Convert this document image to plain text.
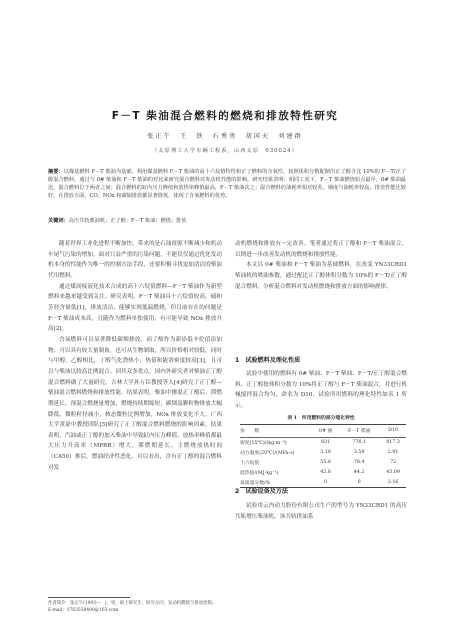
F－T 柴油混合燃料的燃烧和排放特性研究
张正午　王　铁　石秀勇　胡国天　刘建群
（太原理工大学车辆工程系，山西太原　030024）
摘要：以煤基燃料 F－T 柴油为基础，利用煤基燃料 F－T 柴油的高十六烷值特性和正了燃料的含氧性，按照体积分数配制出正了醇含比 10%的 F－T/正了醇混合燃料，通过与 0# 柴油和 F－T 柴油的对比来研究混合燃料对发动机性能的影响。研究结果表明：相同工况下，F－T 柴油燃烧始点最早，0# 柴油最迟，混合燃料位于两者之间；混合燃料的缸内压力峰值和放热率峰值最高，F－T 柴油次之；混合燃料的油耗率相对较差，烟度与油耗率较高，排放性能比较好。在排放方面，CO、NOx 和碳烟排放都显著降低，体现了含氧燃料的优势。
关键词：高压共轨柴油机；正了醇；F－T 柴油；燃烧；排放

随着世界工业化进程不断加快，带来的是石油资源不断减少和机动车尾气污染的增加。面对日益严重的污染问题，不能仅仅通过优化发动机本身的性能作为唯一的控制方法手段，还要积极寻找更加清洁的柴油代用燃料。

通过煤间接液化技术合成的高十六烷值燃料—F－T 柴油作为新型燃料来越来越受到关注。研究表明，F－T 柴油具十六烷值较高，硫和芳烃含量低[1]，排放清洁，能够实现低温燃烧，但目前存在的问题是 F－T 柴油成本高，且随作为燃料单独使用，有可能导致 NOx 排放升高[2]。

含氧燃料可以显著降低碳烟排放，而了醇作为新添低辛烷值添加物，可以具有较大量制备，也可从生物制取，所以价格相对较低。同时与甲醇、乙醇相比，丁醇气化潜热小，热值和能溶密度较高[3]，且可以与柴油以较高比例混合。因其众多优点，国内外研究者对柴油正丁醇混合燃料做了大量研究。吉林大学孙万臣教授等人[4]研究了正丁醇—柴油混合燃料燃烧和排放性能，结果表明，柴油中掺混正丁醇后，滞燃期延长，预混合燃烧量增加，燃烧持续期缩短，碳烟及颗粒物排放大幅降低，微粒粒径减小，核态微粒比例增加，NOx 排放变化不大。广西大学黄豪中教授团队[5]研究了正丁醇混合燃料燃烧的影响因素，结果表明，汽油或正丁醇的加入柴油中导致缸内压力峰值、放热率峰值都最大压力升高率（MPRR）增大，滞燃期延长，主燃烧放热时间（CA50）推后，燃油经济性恶化。可以看出，含有正丁醇的混合燃料对发

动机燃烧和排放有一定改善。笔者通过将正丁醇和 F－T 柴油混合，以期进一步改善发动机的燃烧和排放性能。

本文以 0# 柴油和 F－T 柴油为基础燃料，在改变 YN33CRD1 柴油机的喷油参数，通过配比正丁醇体积分数为 10%的 F－T/正丁醇混合燃料，分析混合燃料对发动机燃烧和排放方面的影响规律。

1　试验燃料及理化性质

试验中使用的燃料有 0# 柴油、F－T 柴油、F－T/正丁醇混合燃料，正丁醇按体积分数为 10%将正丁醇与 F－T 柴油混合，并进行机械搅拌混合均匀，命名为 D10，试验所用燃料的理化特性如表 1 所示。

表 1　所用燃料的部分理化特性
参　　数	0# 油	F－T 柴油	D10
密度(15℃)/(kg·m⁻³)	831	776.1	817.3
动力黏度(20℃)/(MPa·s)	3.18	3.59	2.91
十六烷值	55.8	78.4	72
低热值/(MJ·kg⁻¹)	42.6	44.2	43.09
氧质量分数/%	0	0	2.16
2　试验设备及方法

试验用云内动力股份有限公司生产的型号为 YN33CRD1 的高压共轨增压柴油机，该共轨供油系

作者简介：张正午(1993—　)，男，硕士研究生；研究方向：发动机燃烧与排放控制。
E-mail：1763558400@163.com
